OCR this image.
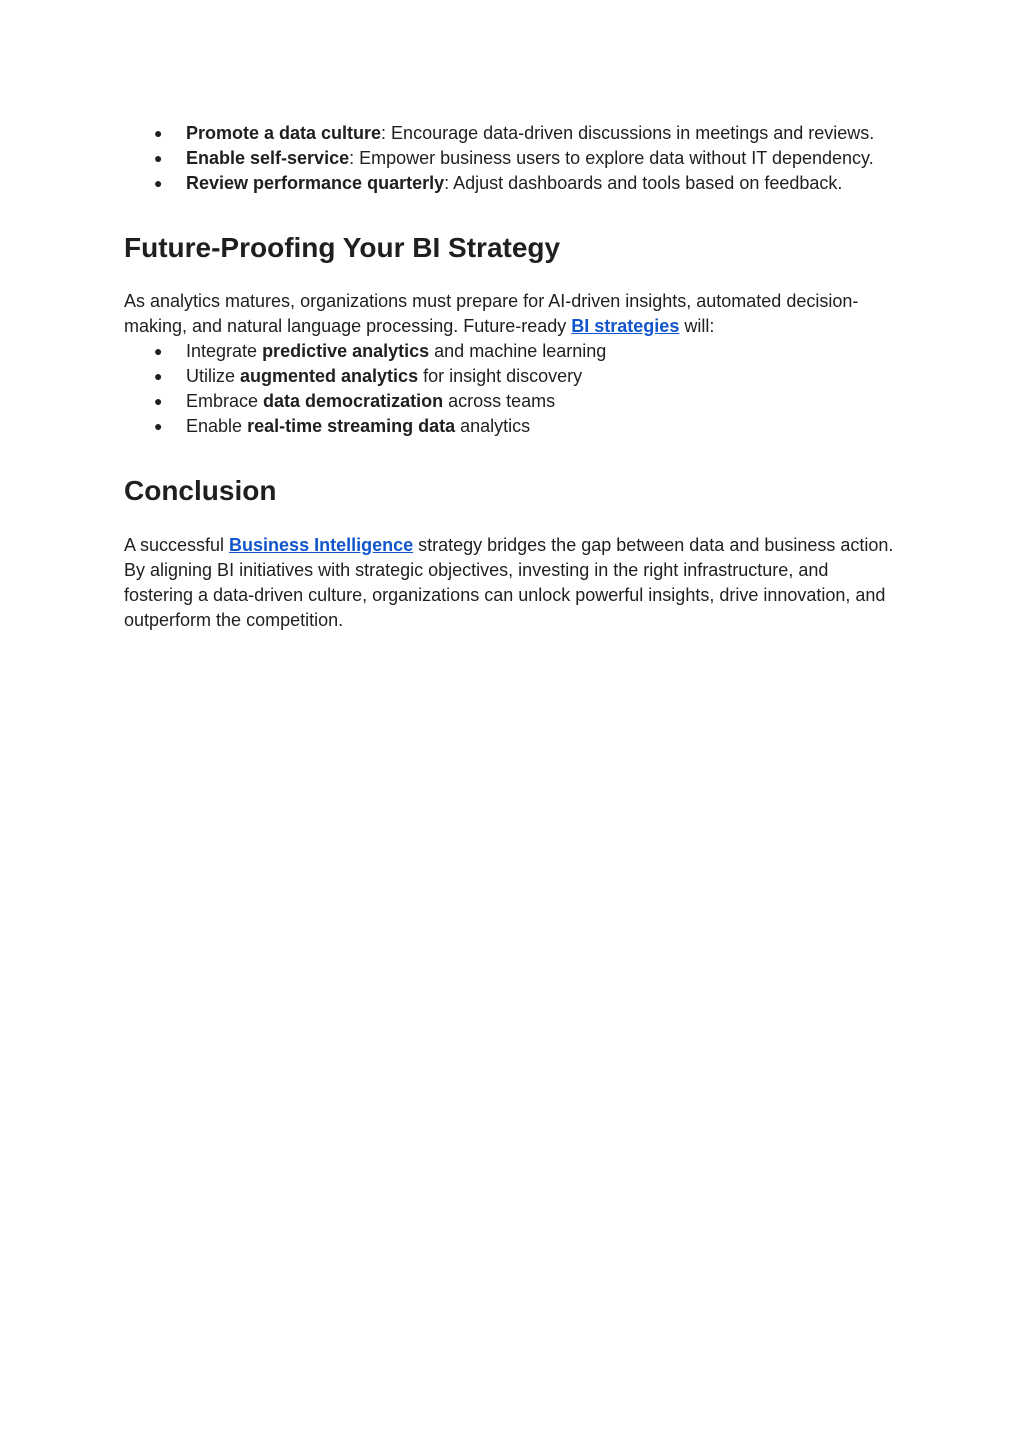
●
Promote a data culture: Encourage data-driven discussions in meetings and reviews.
●
Enable self-service: Empower business users to explore data without IT dependency.
●
Review performance quarterly: Adjust dashboards and tools based on feedback.
Future-Proofing Your BI Strategy

As analytics matures, organizations must prepare for AI-driven insights, automated decision-making, and natural language processing. Future-ready BI strategies will:

●
Integrate predictive analytics and machine learning
●
Utilize augmented analytics for insight discovery
●
Embrace data democratization across teams
●
Enable real-time streaming data analytics
Conclusion

A successful Business Intelligence strategy bridges the gap between data and business action. By aligning BI initiatives with strategic objectives, investing in the right infrastructure, and fostering a data-driven culture, organizations can unlock powerful insights, drive innovation, and outperform the competition.
